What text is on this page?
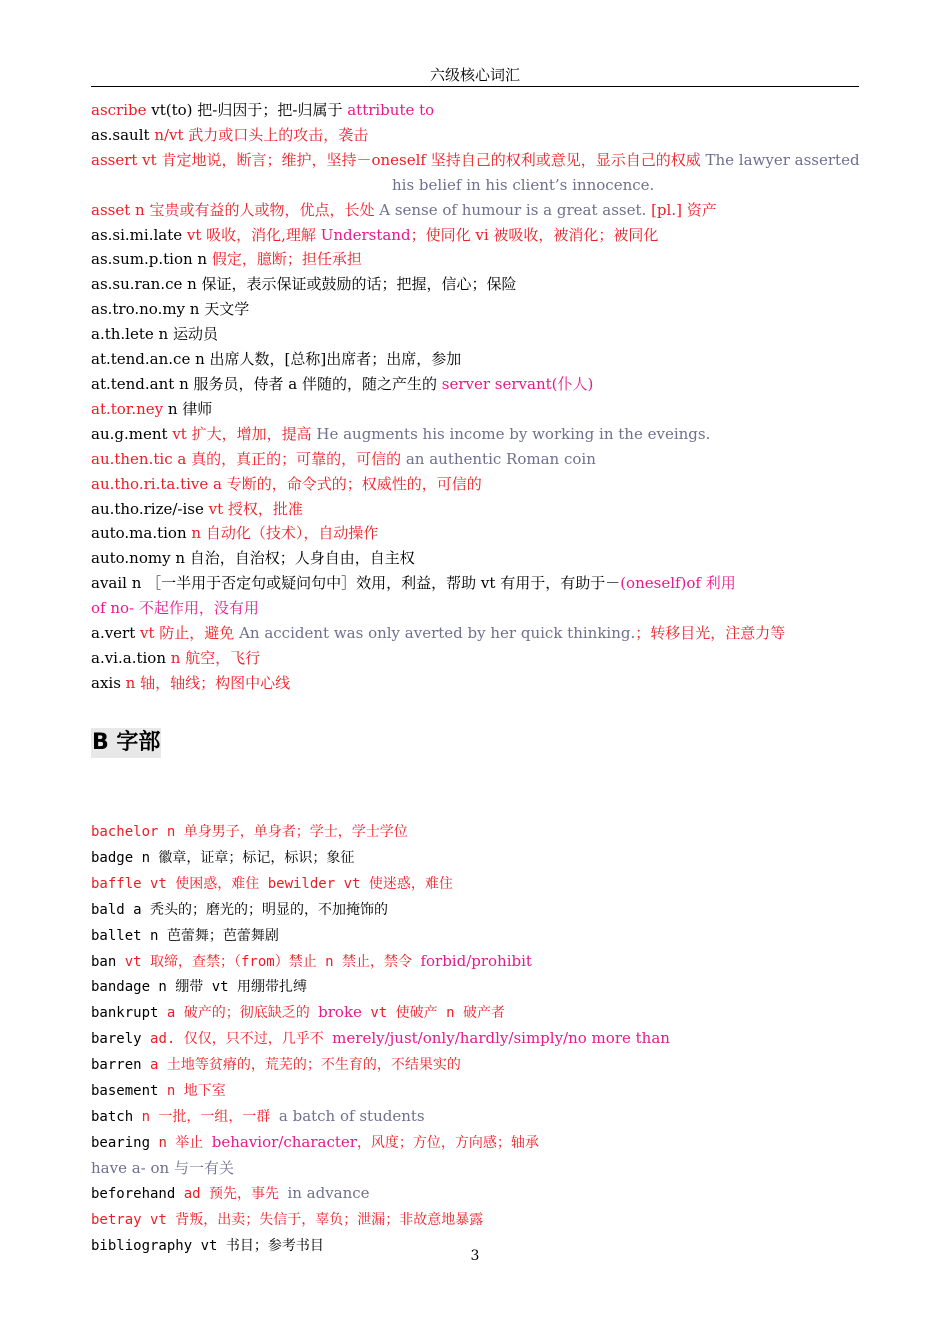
六级核心词汇
ascribe vt(to) 把-归因于；把-归属于 attribute to
as.sault n/vt 武力或口头上的攻击，袭击
assert vt 肯定地说，断言；维护，坚持－oneself 坚持自己的权利或意见，显示自己的权威 The lawyer asserted
his belief in his client’s innocence.
asset n 宝贵或有益的人或物，优点，长处 A sense of humour is a great asset. [pl.] 资产
as.si.mi.late vt 吸收，消化,理解 Understand；使同化 vi 被吸收，被消化；被同化
as.sum.p.tion n 假定，臆断；担任承担
as.su.ran.ce n 保证，表示保证或鼓励的话；把握，信心；保险
as.tro.no.my n 天文学
a.th.lete n 运动员
at.tend.an.ce n 出席人数，[总称]出席者；出席，参加
at.tend.ant n 服务员，侍者 a 伴随的，随之产生的 server servant(仆人)
at.tor.ney n 律师
au.g.ment vt 扩大，增加，提高 He augments his income by working in the eveings.
au.then.tic a 真的，真正的；可靠的，可信的 an authentic Roman coin
au.tho.ri.ta.tive a 专断的，命令式的；权威性的，可信的
au.tho.rize/-ise vt 授权，批准
auto.ma.tion n 自动化（技术），自动操作
auto.nomy n 自治，自治权；人身自由，自主权
avail n ［一半用于否定句或疑问句中］效用，利益，帮助 vt 有用于，有助于－(oneself)of 利用
of no- 不起作用，没有用
a.vert vt 防止，避免 An accident was only averted by her quick thinking.；转移目光，注意力等
a.vi.a.tion n 航空，飞行
axis n 轴，轴线；构图中心线
B 字部
bachelor n 单身男子，单身者；学士，学士学位
badge n 徽章，证章；标记，标识；象征
baffle vt 使困惑，难住 bewilder vt 使迷惑，难住
bald a 秃头的；磨光的；明显的，不加掩饰的
ballet n 芭蕾舞；芭蕾舞剧
ban vt 取缔，查禁；（from）禁止 n 禁止，禁令 forbid/prohibit
bandage n 绷带 vt 用绷带扎缚
bankrupt a 破产的；彻底缺乏的 broke vt 使破产 n 破产者
barely ad. 仅仅，只不过，几乎不 merely/just/only/hardly/simply/no more than
barren a 土地等贫瘠的，荒芜的；不生育的，不结果实的
basement n 地下室
batch n 一批，一组，一群 a batch of students
bearing n 举止 behavior/character，风度；方位，方向感；轴承
have a- on 与一有关
beforehand ad 预先，事先 in advance
betray vt 背叛，出卖；失信于，辜负；泄漏；非故意地暴露
bibliography vt 书目；参考书目
3
